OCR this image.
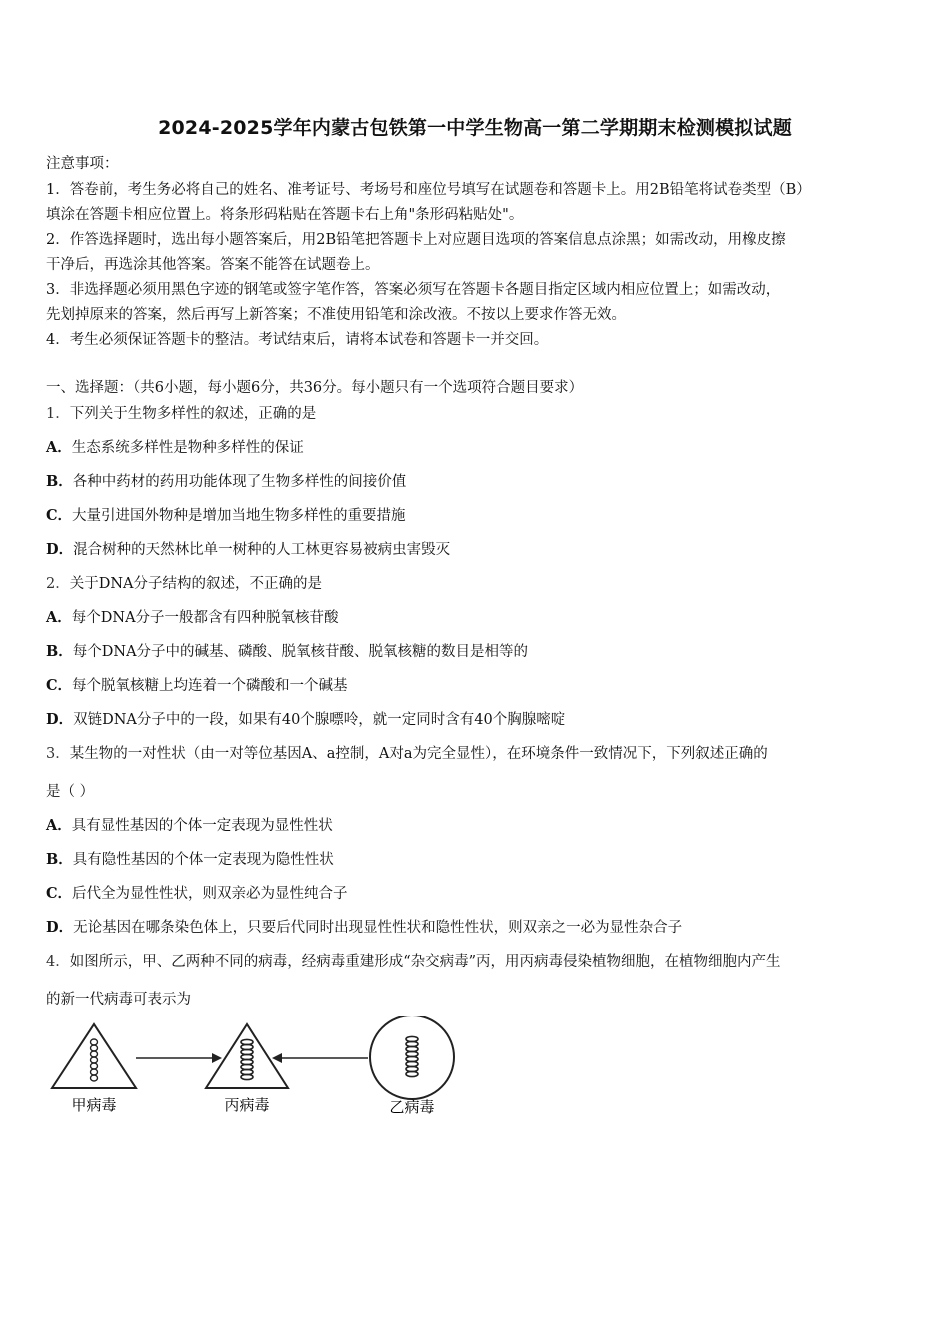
2024-2025学年内蒙古包铁第一中学生物高一第二学期期末检测模拟试题
注意事项：
1．答卷前，考生务必将自己的姓名、准考证号、考场号和座位号填写在试题卷和答题卡上。用2B铅笔将试卷类型（B）
填涂在答题卡相应位置上。将条形码粘贴在答题卡右上角"条形码粘贴处"。
2．作答选择题时，选出每小题答案后，用2B铅笔把答题卡上对应题目选项的答案信息点涂黑；如需改动，用橡皮擦
干净后，再选涂其他答案。答案不能答在试题卷上。
3．非选择题必须用黑色字迹的钢笔或签字笔作答，答案必须写在答题卡各题目指定区域内相应位置上；如需改动，
先划掉原来的答案，然后再写上新答案；不准使用铅笔和涂改液。不按以上要求作答无效。
4．考生必须保证答题卡的整洁。考试结束后，请将本试卷和答题卡一并交回。
一、选择题：（共6小题，每小题6分，共36分。每小题只有一个选项符合题目要求）
1．下列关于生物多样性的叙述，正确的是
A．生态系统多样性是物种多样性的保证
B．各种中药材的药用功能体现了生物多样性的间接价值
C．大量引进国外物种是增加当地生物多样性的重要措施
D．混合树种的天然林比单一树种的人工林更容易被病虫害毁灭
2．关于DNA分子结构的叙述，不正确的是
A．每个DNA分子一般都含有四种脱氧核苷酸
B．每个DNA分子中的碱基、磷酸、脱氧核苷酸、脱氧核糖的数目是相等的
C．每个脱氧核糖上均连着一个磷酸和一个碱基
D．双链DNA分子中的一段，如果有40个腺嘌呤，就一定同时含有40个胸腺嘧啶
3．某生物的一对性状（由一对等位基因A、a控制，A对a为完全显性），在环境条件一致情况下，下列叙述正确的
是（ ）
A．具有显性基因的个体一定表现为显性性状
B．具有隐性基因的个体一定表现为隐性性状
C．后代全为显性性状，则双亲必为显性纯合子
D．无论基因在哪条染色体上，只要后代同时出现显性性状和隐性性状，则双亲之一必为显性杂合子
4．如图所示，甲、乙两种不同的病毒，经病毒重建形成“杂交病毒”丙，用丙病毒侵染植物细胞，在植物细胞内产生
的新一代病毒可表示为
甲病毒	丙病毒	乙病毒
